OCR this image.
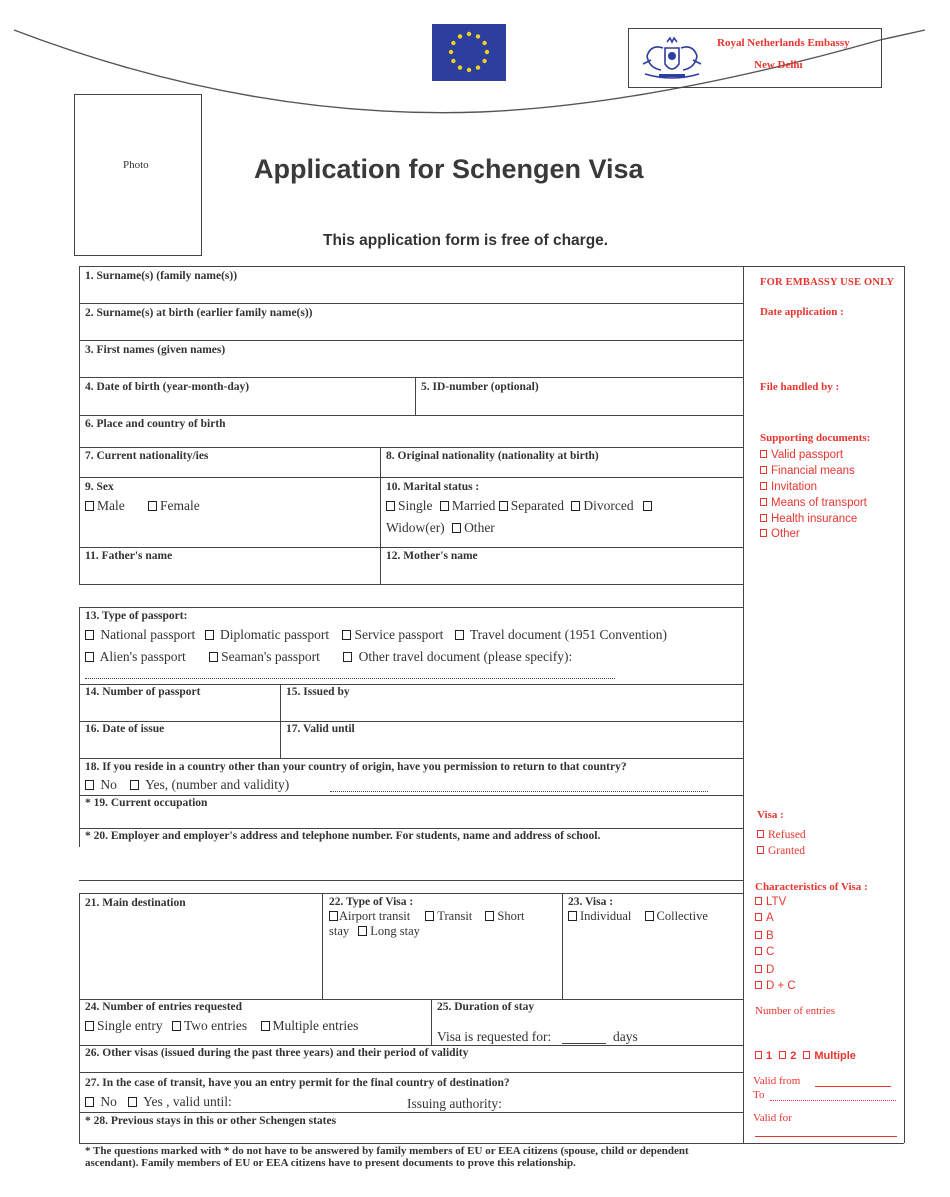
Royal Netherlands Embassy
New Delhi
Photo	Application for Schengen Visa
This application form is free of charge.
1. Surname(s) (family name(s))
2. Surname(s) at birth (earlier family name(s))
3. First names (given names)
4. Date of birth (year-month-day)	5. ID-number (optional)
6. Place and country of birth
7. Current nationality/ies	8. Original nationality (nationality at birth)
9. Sex
Male	Female
10. Marital status :
Single Married Separated Divorced
Widow(er) Other
11. Father's name	12. Mother's name
13. Type of passport:
National passport Diplomatic passport Service passport Travel document (1951 Convention)
Alien's passport	Seaman's passport	Other travel document (please specify):
14. Number of passport	15. Issued by
16. Date of issue	17. Valid until
18. If you reside in a country other than your country of origin, have you permission to return to that country?
No Yes, (number and validity)
* 19. Current occupation
* 20. Employer and employer's address and telephone number. For students, name and address of school.
21. Main destination	22. Type of Visa :
Airport transit Transit Short
stay Long stay
23. Visa :
Individual Collective
24. Number of entries requested
Single entry Two entries Multiple entries
25. Duration of stay
Visa is requested for:	days
26. Other visas (issued during the past three years) and their period of validity
27. In the case of transit, have you an entry permit for the final country of destination?
No Yes , valid until:	Issuing authority:
* 28. Previous stays in this or other Schengen states
* The questions marked with * do not have to be answered by family members of EU or EEA citizens (spouse, child or dependent
ascendant). Family members of EU or EEA citizens have to present documents to prove this relationship.
FOR EMBASSY USE ONLY
Date application :
File handled by :
Supporting documents:
Valid passport
Financial means
Invitation
Means of transport
Health insurance
Other
Visa :
Refused
Granted
Characteristics of Visa :
LTV
A
B
C
D
D + C
Number of entries
1 2 Multiple
Valid from
To
Valid for
